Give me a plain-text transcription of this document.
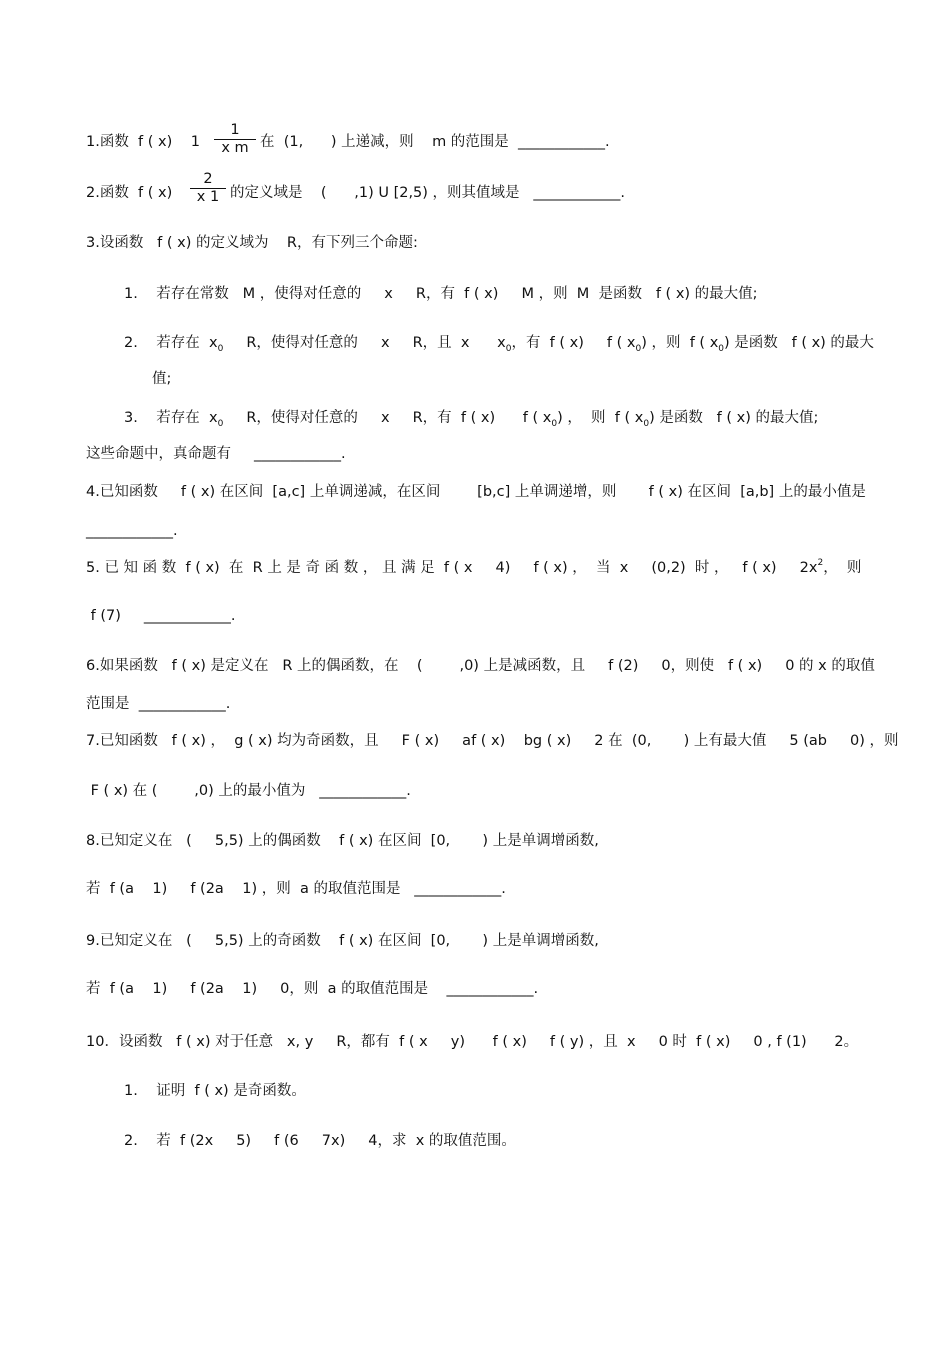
1.函数  f ( x)    1
1
x m 在  (1,      ) 上递减，则    m 的范围是  ____________.
2.函数  f ( x)
2
x 1 的定义域是    (      ,1) U [2,5) ，则其值域是   ____________.
3.设函数   f ( x) 的定义域为    R，有下列三个命题:
1.    若存在常数   M ，使得对任意的     x     R，有  f ( x)     M ，则  M  是函数   f ( x) 的最大值;
2.    若存在  $x_0$     R，使得对任意的     x     R，且  x      $x_0$，有  f ( x)     f ( $x_0$) ，则  f ( $x_0$) 是函数   f ( x) 的最大
值;
3.    若存在  $x_0$     R，使得对任意的     x     R，有  f ( x)      f ( $x_0$) ，  则  f ( $x_0$) 是函数   f ( x) 的最大值;
这些命题中，真命题有     ____________.
4.已知函数     f ( x) 在区间  [a,c] 上单调递减，在区间        [b,c] 上单调递增，则       f ( x) 在区间  [a,b] 上的最小值是
____________.
5. 已 知 函 数  f ( x)  在  R 上 是 奇 函 数 ， 且 满 足  f ( x     4)     f ( x) ，  当  x     (0,2)  时 ，   f ( x)     $2x^2$，  则
f (7)     ____________.
6.如果函数   f ( x) 是定义在   R 上的偶函数，在    (        ,0) 上是减函数，且     f (2)     0，则使   f ( x)     0 的 x 的取值
范围是  ____________.
7.已知函数   f ( x) ，  g ( x) 均为奇函数，且     F ( x)     af ( x)    bg ( x)     2 在  (0,       ) 上有最大值     5 (ab     0) ，则
F ( x) 在 (        ,0) 上的最小值为   ____________.
8.已知定义在   (     5,5) 上的偶函数    f ( x) 在区间  [0,       ) 上是单调增函数,
若  f (a    1)     f (2a    1) ，则  a 的取值范围是   ____________.
9.已知定义在   (     5,5) 上的奇函数    f ( x) 在区间  [0,       ) 上是单调增函数,
若  f (a    1)     f (2a    1)     0，则  a 的取值范围是    ____________.
10．设函数   f ( x) 对于任意   x, y     R，都有  f ( x     y)      f ( x)     f ( y) ，且  x     0 时  f ( x)     0 , f (1)      2。
1.    证明  f ( x) 是奇函数。
2.    若  f (2x     5)     f (6     7x)     4，求  x 的取值范围。
